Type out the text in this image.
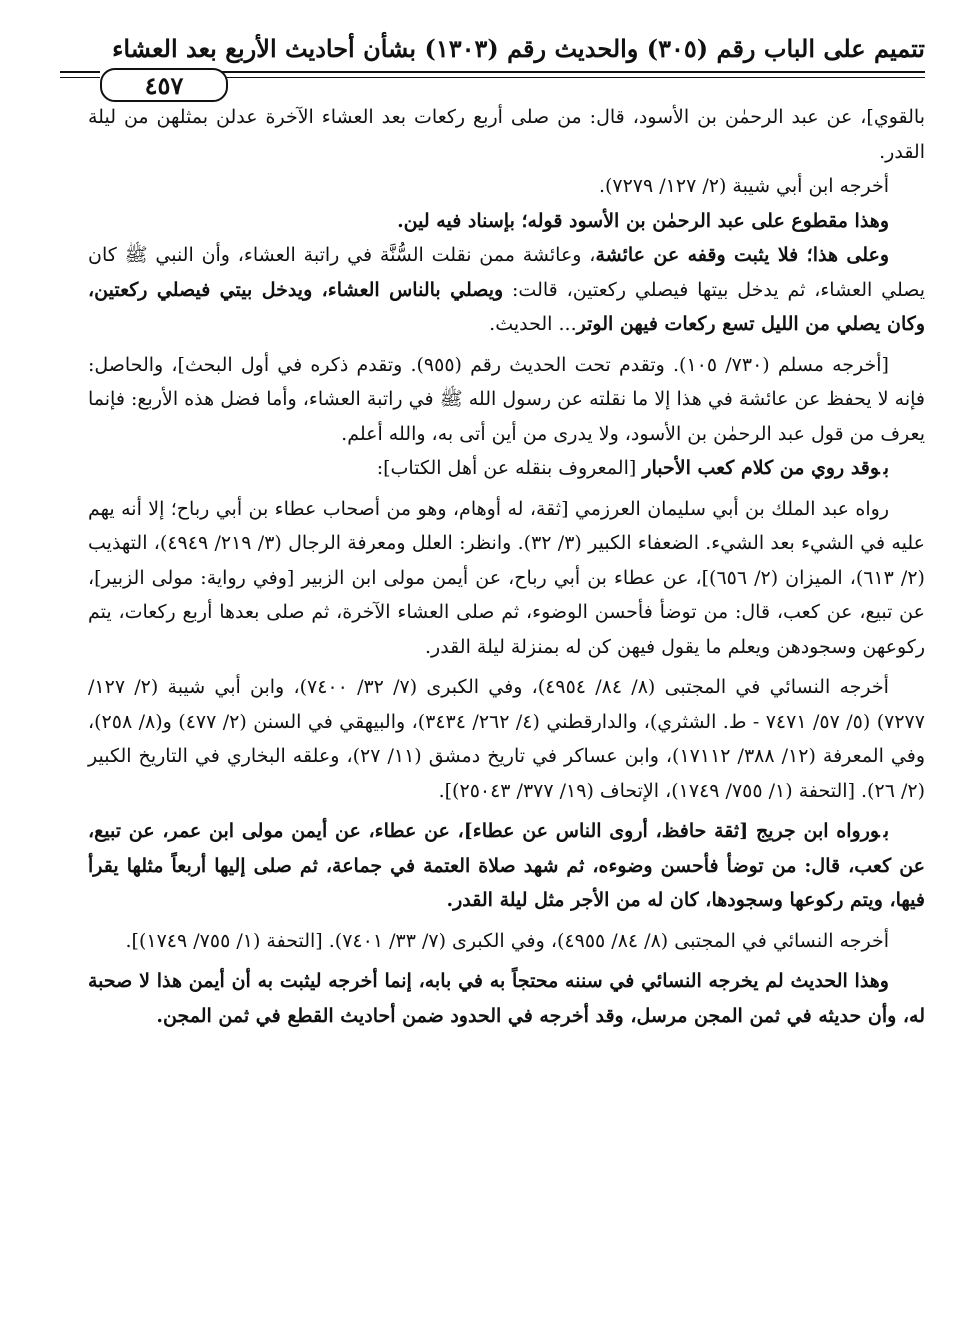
تتميم على الباب رقم (٣٠٥) والحديث رقم (١٣٠٣) بشأن أحاديث الأربع بعد العشاء
٤٥٧

بالقوي]، عن عبد الرحمٰن بن الأسود، قال: من صلى أربع ركعات بعد العشاء الآخرة عدلن بمثلهن من ليلة القدر.

أخرجه ابن أبي شيبة (٢/ ١٢٧/ ٧٢٧٩).

وهذا مقطوع على عبد الرحمٰن بن الأسود قوله؛ بإسناد فيه لين.

وعلى هذا؛ فلا يثبت وقفه عن عائشة، وعائشة ممن نقلت السُّنَّة في راتبة العشاء، وأن النبي ﷺ كان يصلي العشاء، ثم يدخل بيتها فيصلي ركعتين، قالت: ويصلي بالناس العشاء، ويدخل بيتي فيصلي ركعتين، وكان يصلي من الليل تسع ركعات فيهن الوتر... الحديث.

[أخرجه مسلم (٧٣٠/ ١٠٥). وتقدم تحت الحديث رقم (٩٥٥). وتقدم ذكره في أول البحث]، والحاصل: فإنه لا يحفظ عن عائشة في هذا إلا ما نقلته عن رسول الله ﷺ في راتبة العشاء، وأما فضل هذه الأربع: فإنما يعرف من قول عبد الرحمٰن بن الأسود، ولا يدرى من أين أتى به، والله أعلم.

بوقد روي من كلام كعب الأحبار [المعروف بنقله عن أهل الكتاب]:

رواه عبد الملك بن أبي سليمان العرزمي [ثقة، له أوهام، وهو من أصحاب عطاء بن أبي رباح؛ إلا أنه يهم عليه في الشيء بعد الشيء. الضعفاء الكبير (٣/ ٣٢). وانظر: العلل ومعرفة الرجال (٣/ ٢١٩/ ٤٩٤٩)، التهذيب (٢/ ٦١٣)، الميزان (٢/ ٦٥٦)]، عن عطاء بن أبي رباح، عن أيمن مولى ابن الزبير [وفي رواية: مولى الزبير]، عن تبيع، عن كعب، قال: من توضأ فأحسن الوضوء، ثم صلى العشاء الآخرة، ثم صلى بعدها أربع ركعات، يتم ركوعهن وسجودهن ويعلم ما يقول فيهن كن له بمنزلة ليلة القدر.

أخرجه النسائي في المجتبى (٨/ ٨٤/ ٤٩٥٤)، وفي الكبرى (٧/ ٣٢/ ٧٤٠٠)، وابن أبي شيبة (٢/ ١٢٧/ ٧٢٧٧) (٥/ ٥٧/ ٧٤٧١ - ط. الشثري)، والدارقطني (٤/ ٢٦٢/ ٣٤٣٤)، والبيهقي في السنن (٢/ ٤٧٧) و(٨/ ٢٥٨)، وفي المعرفة (١٢/ ٣٨٨/ ١٧١١٢)، وابن عساكر في تاريخ دمشق (١١/ ٢٧)، وعلقه البخاري في التاريخ الكبير (٢/ ٢٦). [التحفة (١/ ٧٥٥/ ١٧٤٩)، الإتحاف (١٩/ ٣٧٧/ ٢٥٠٤٣)].

بورواه ابن جريج [ثقة حافظ، أروى الناس عن عطاء]، عن عطاء، عن أيمن مولى ابن عمر، عن تبيع، عن كعب، قال: من توضأ فأحسن وضوءه، ثم شهد صلاة العتمة في جماعة، ثم صلى إليها أربعاً مثلها يقرأ فيها، ويتم ركوعها وسجودها، كان له من الأجر مثل ليلة القدر.

أخرجه النسائي في المجتبى (٨/ ٨٤/ ٤٩٥٥)، وفي الكبرى (٧/ ٣٣/ ٧٤٠١). [التحفة (١/ ٧٥٥/ ١٧٤٩)].

وهذا الحديث لم يخرجه النسائي في سننه محتجاً به في بابه، إنما أخرجه ليثبت به أن أيمن هذا لا صحبة له، وأن حديثه في ثمن المجن مرسل، وقد أخرجه في الحدود ضمن أحاديث القطع في ثمن المجن.
